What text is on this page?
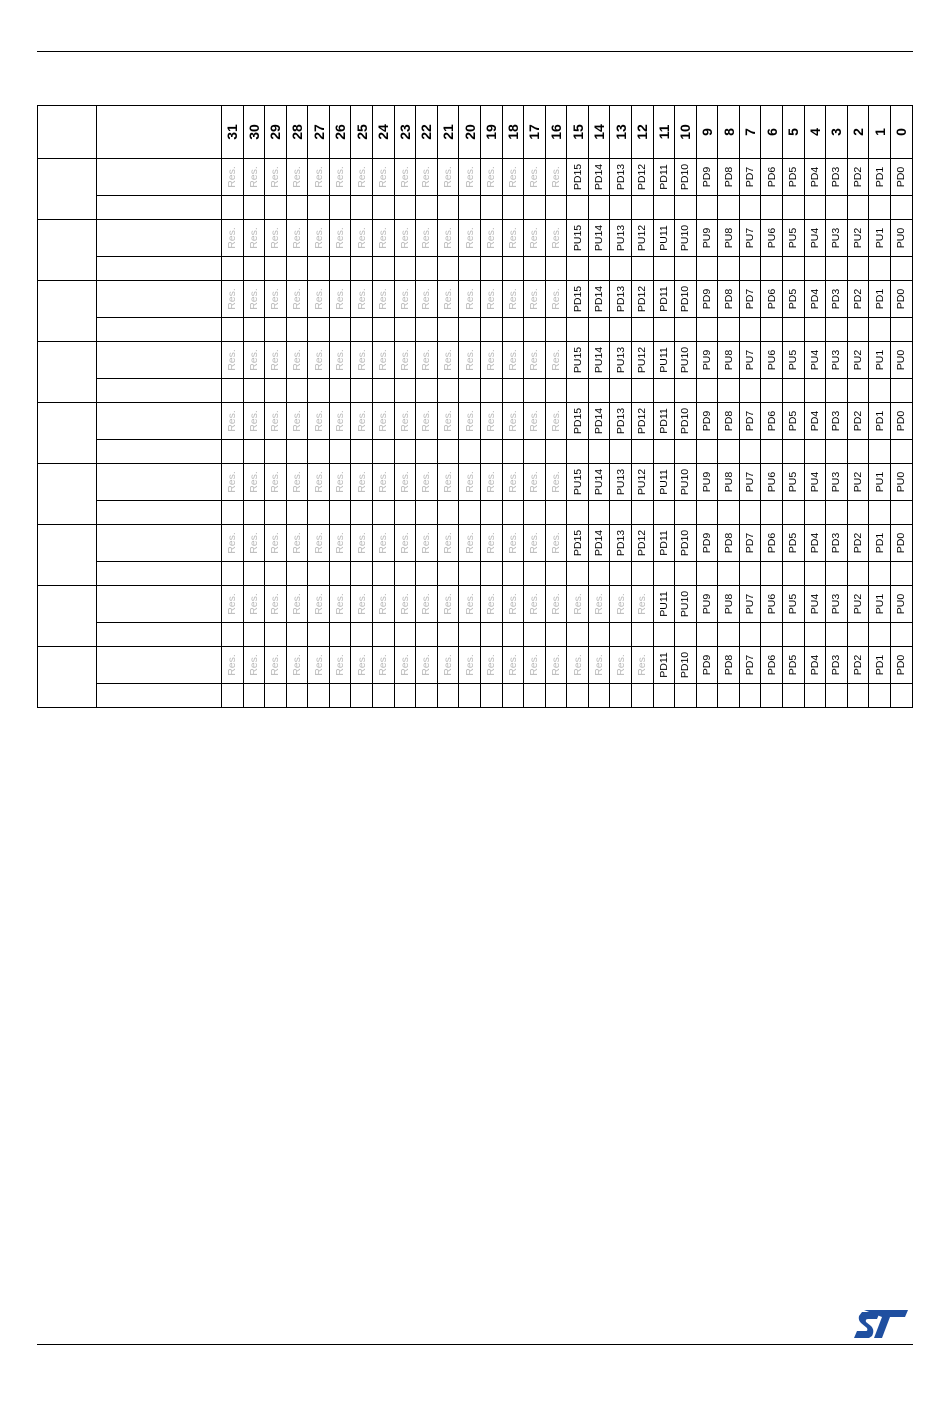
		31	30	29	28	27	26	25	24	23	22	21	20	19	18	17	16	15	14	13	12	11	10	9	8	7	6	5	4	3	2	1	0

		Res.	Res.	Res.	Res.	Res.	Res.	Res.	Res.	Res.	Res.	Res.	Res.	Res.	Res.	Res.	Res.	PD15	PD14	PD13	PD12	PD11	PD10	PD9	PD8	PD7	PD6	PD5	PD4	PD3	PD2	PD1	PD0

		Res.	Res.	Res.	Res.	Res.	Res.	Res.	Res.	Res.	Res.	Res.	Res.	Res.	Res.	Res.	Res.	PU15	PU14	PU13	PU12	PU11	PU10	PU9	PU8	PU7	PU6	PU5	PU4	PU3	PU2	PU1	PU0

		Res.	Res.	Res.	Res.	Res.	Res.	Res.	Res.	Res.	Res.	Res.	Res.	Res.	Res.	Res.	Res.	PD15	PD14	PD13	PD12	PD11	PD10	PD9	PD8	PD7	PD6	PD5	PD4	PD3	PD2	PD1	PD0

		Res.	Res.	Res.	Res.	Res.	Res.	Res.	Res.	Res.	Res.	Res.	Res.	Res.	Res.	Res.	Res.	PU15	PU14	PU13	PU12	PU11	PU10	PU9	PU8	PU7	PU6	PU5	PU4	PU3	PU2	PU1	PU0

		Res.	Res.	Res.	Res.	Res.	Res.	Res.	Res.	Res.	Res.	Res.	Res.	Res.	Res.	Res.	Res.	PD15	PD14	PD13	PD12	PD11	PD10	PD9	PD8	PD7	PD6	PD5	PD4	PD3	PD2	PD1	PD0

		Res.	Res.	Res.	Res.	Res.	Res.	Res.	Res.	Res.	Res.	Res.	Res.	Res.	Res.	Res.	Res.	PU15	PU14	PU13	PU12	PU11	PU10	PU9	PU8	PU7	PU6	PU5	PU4	PU3	PU2	PU1	PU0

		Res.	Res.	Res.	Res.	Res.	Res.	Res.	Res.	Res.	Res.	Res.	Res.	Res.	Res.	Res.	Res.	PD15	PD14	PD13	PD12	PD11	PD10	PD9	PD8	PD7	PD6	PD5	PD4	PD3	PD2	PD1	PD0

		Res.	Res.	Res.	Res.	Res.	Res.	Res.	Res.	Res.	Res.	Res.	Res.	Res.	Res.	Res.	Res.	Res.	Res.	Res.	Res.	PU11	PU10	PU9	PU8	PU7	PU6	PU5	PU4	PU3	PU2	PU1	PU0

		Res.	Res.	Res.	Res.	Res.	Res.	Res.	Res.	Res.	Res.	Res.	Res.	Res.	Res.	Res.	Res.	Res.	Res.	Res.	Res.	PD11	PD10	PD9	PD8	PD7	PD6	PD5	PD4	PD3	PD2	PD1	PD0
